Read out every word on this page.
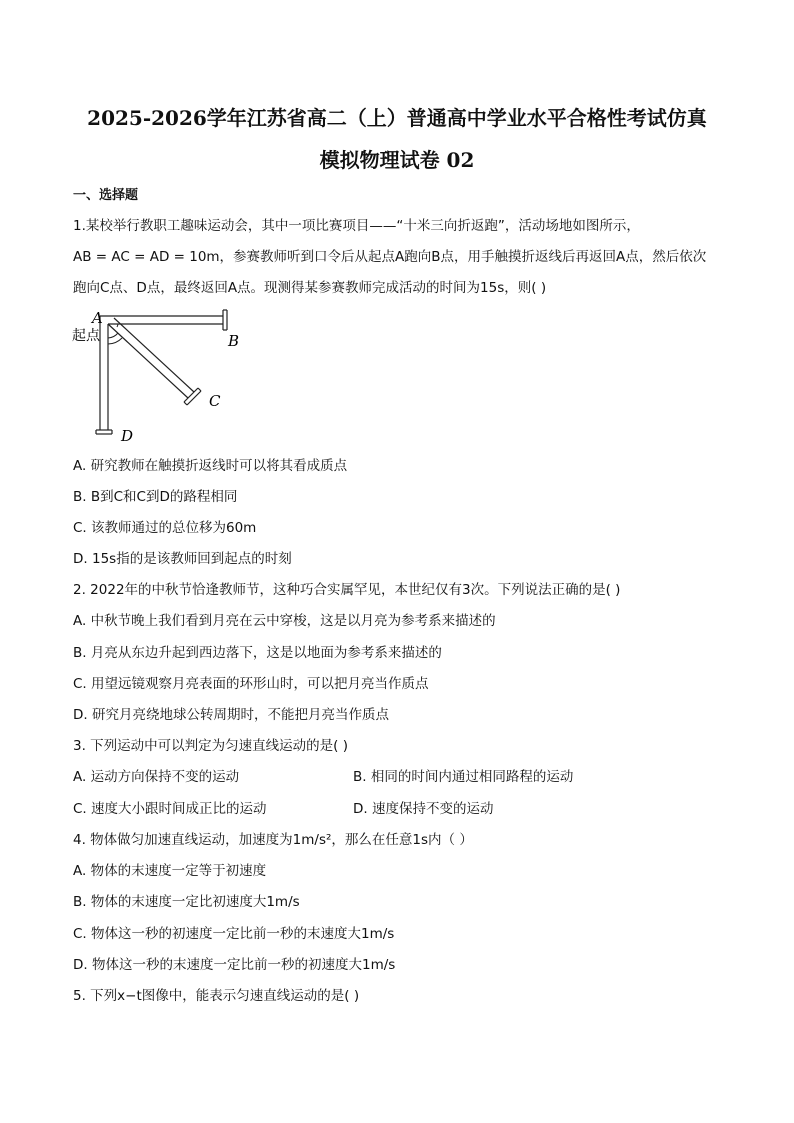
2025-2026学年江苏省高二（上）普通高中学业水平合格性考试仿真
模拟物理试卷 02
一、选择题
1.某校举行教职工趣味运动会，其中一项比赛项目——“十米三向折返跑”，活动场地如图所示，
AB = AC = AD = 10m，参赛教师听到口令后从起点A跑向B点，用手触摸折返线后再返回A点，然后依次
跑向C点、D点，最终返回A点。现测得某参赛教师完成活动的时间为15s，则( )
A
起点	B
C
D
A. 研究教师在触摸折返线时可以将其看成质点
B. B到C和C到D的路程相同
C. 该教师通过的总位移为60m
D. 15s指的是该教师回到起点的时刻
2. 2022年的中秋节恰逢教师节，这种巧合实属罕见，本世纪仅有3次。下列说法正确的是( )
A. 中秋节晚上我们看到月亮在云中穿梭，这是以月亮为参考系来描述的
B. 月亮从东边升起到西边落下，这是以地面为参考系来描述的
C. 用望远镜观察月亮表面的环形山时，可以把月亮当作质点
D. 研究月亮绕地球公转周期时，不能把月亮当作质点
3. 下列运动中可以判定为匀速直线运动的是( )
A. 运动方向保持不变的运动	B. 相同的时间内通过相同路程的运动
C. 速度大小跟时间成正比的运动	D. 速度保持不变的运动
4. 物体做匀加速直线运动，加速度为1m/s²，那么在任意1s内（ ）
A. 物体的末速度一定等于初速度
B. 物体的末速度一定比初速度大1m/s
C. 物体这一秒的初速度一定比前一秒的末速度大1m/s
D. 物体这一秒的末速度一定比前一秒的初速度大1m/s
5. 下列x−t图像中，能表示匀速直线运动的是( )
